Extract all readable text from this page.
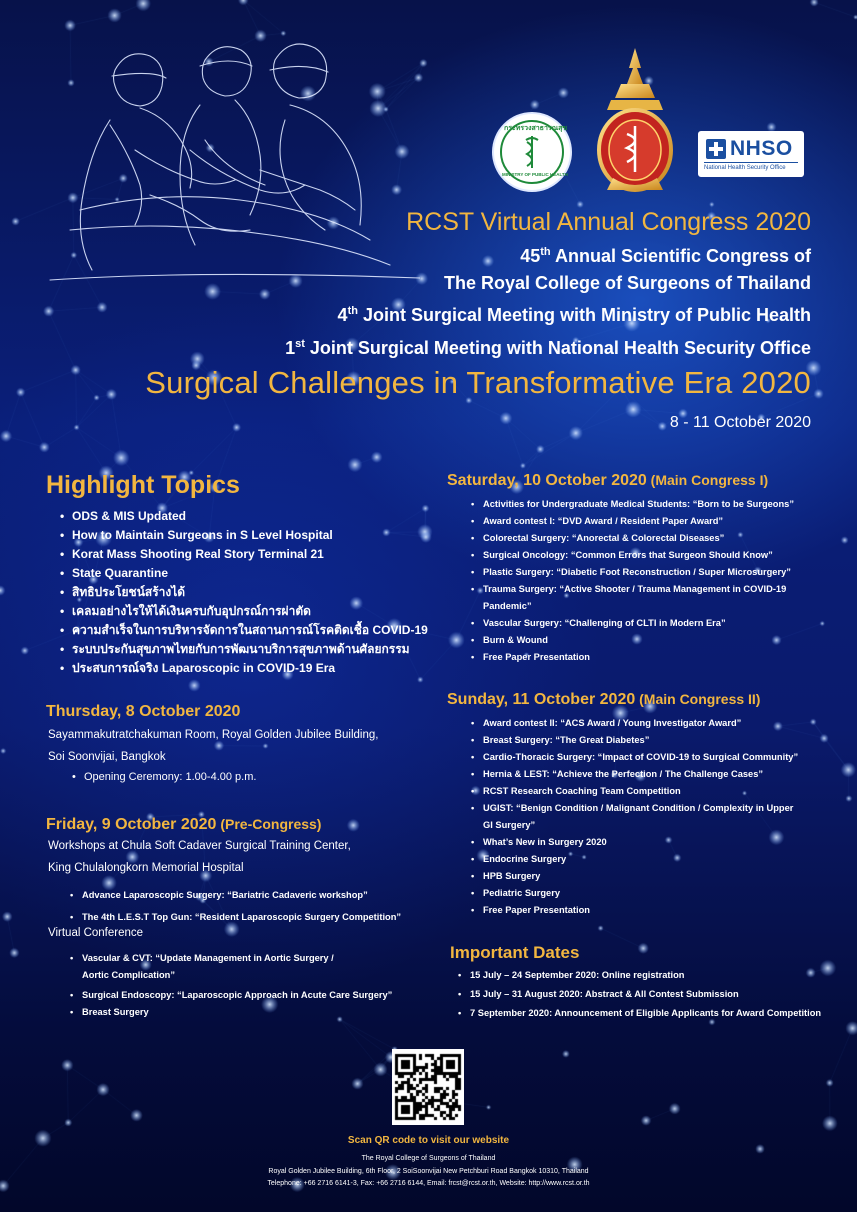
กระทรวงสาธารณสุข
MINISTRY OF PUBLIC HEALTH
NHSO
National Health Security Office
RCST Virtual Annual Congress 2020
45th Annual Scientific Congress of
The Royal College of Surgeons of Thailand
4th Joint Surgical Meeting with Ministry of Public Health
1st Joint Surgical Meeting with National Health Security Office
Surgical Challenges in Transformative Era 2020
8 - 11 October 2020
Highlight Topics
• ODS & MIS Updated
• How to Maintain Surgeons in S Level Hospital
• Korat Mass Shooting Real Story Terminal 21
• State Quarantine
• สิทธิประโยชน์สร้างได้
• เคลมอย่างไรให้ได้เงินครบกับอุปกรณ์การผ่าตัด
• ความสำเร็จในการบริหารจัดการในสถานการณ์โรคติดเชื้อ COVID-19
• ระบบประกันสุขภาพไทยกับการพัฒนาบริการสุขภาพด้านศัลยกรรม
• ประสบการณ์จริง Laparoscopic in COVID-19 Era
Thursday, 8 October 2020
Sayammakutratchakuman Room, Royal Golden Jubilee Building,
Soi Soonvijai, Bangkok
• Opening Ceremony: 1.00-4.00 p.m.
Friday, 9 October 2020 (Pre-Congress)
Workshops at Chula Soft Cadaver Surgical Training Center,
King Chulalongkorn Memorial Hospital
• Advance Laparoscopic Surgery: “Bariatric Cadaveric workshop”
• The 4th L.E.S.T Top Gun: “Resident Laparoscopic Surgery Competition”
Virtual Conference
• Vascular & CVT: “Update Management in Aortic Surgery /
Aortic Complication”
• Surgical Endoscopy: “Laparoscopic Approach in Acute Care Surgery”
• Breast Surgery
Saturday, 10 October 2020 (Main Congress I)
• Activities for Undergraduate Medical Students: “Born to be Surgeons”
• Award contest I: “DVD Award / Resident Paper Award”
• Colorectal Surgery: “Anorectal & Colorectal Diseases”
• Surgical Oncology: “Common Errors that Surgeon Should Know”
• Plastic Surgery: “Diabetic Foot Reconstruction / Super Microsurgery”
• Trauma Surgery: “Active Shooter / Trauma Management in COVID-19
Pandemic”
• Vascular Surgery: “Challenging of CLTI in Modern Era”
• Burn & Wound
• Free Paper Presentation
Sunday, 11 October 2020 (Main Congress II)
• Award contest II: “ACS Award / Young Investigator Award”
• Breast Surgery: “The Great Diabetes”
• Cardio-Thoracic Surgery: “Impact of COVID-19 to Surgical Community”
• Hernia & LEST: “Achieve the Perfection / The Challenge Cases”
• RCST Research Coaching Team Competition
• UGIST: “Benign Condition / Malignant Condition / Complexity in Upper
GI Surgery”
• What’s New in Surgery 2020
• Endocrine Surgery
• HPB Surgery
• Pediatric Surgery
• Free Paper Presentation
Important Dates
• 15 July – 24 September 2020: Online registration
• 15 July – 31 August 2020: Abstract & All Contest Submission
• 7 September 2020: Announcement of Eligible Applicants for Award Competition
Scan QR code to visit our website
The Royal College of Surgeons of Thailand
Royal Golden Jubilee Building, 6th Floor, 2 SoiSoonvijai New Petchburi Road Bangkok 10310, Thailand
Telephone: +66 2716 6141-3, Fax: +66 2716 6144, Email: frcst@rcst.or.th, Website: http://www.rcst.or.th
